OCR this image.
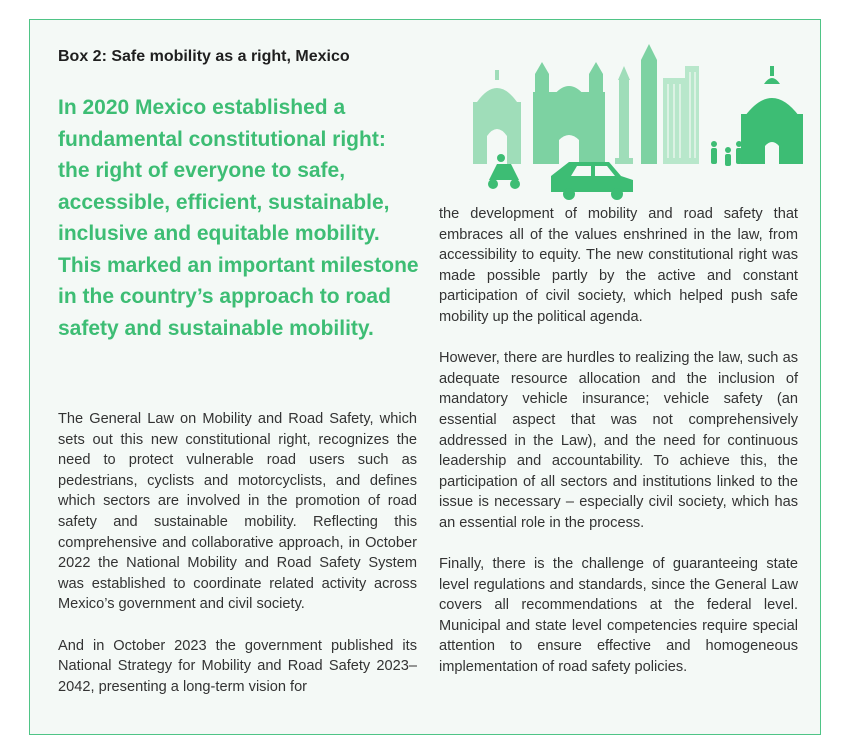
Box 2: Safe mobility as a right, Mexico
In 2020 Mexico established a fundamental constitutional right: the right of everyone to safe, accessible, efficient, sustainable, inclusive and equitable mobility. This marked an important milestone in the country’s approach to road safety and sustainable mobility.

The General Law on Mobility and Road Safety, which sets out this new constitutional right, recognizes the need to protect vulnerable road users such as pedestrians, cyclists and motorcyclists, and defines which sectors are involved in the promotion of road safety and sustainable mobility. Reflecting this comprehensive and collaborative approach, in October 2022 the National Mobility and Road Safety System was established to coordinate related activity across Mexico’s government and civil society.

And in October 2023 the government published its National Strategy for Mobility and Road Safety 2023–2042, presenting a long-term vision for

the development of mobility and road safety that embraces all of the values enshrined in the law, from accessibility to equity. The new constitutional right was made possible partly by the active and constant participation of civil society, which helped push safe mobility up the political agenda.

However, there are hurdles to realizing the law, such as adequate resource allocation and the inclusion of mandatory vehicle insurance; vehicle safety (an essential aspect that was not comprehensively addressed in the Law), and the need for continuous leadership and accountability. To achieve this, the participation of all sectors and institutions linked to the issue is necessary – especially civil society, which has an essential role in the process.

Finally, there is the challenge of guaranteeing state level regulations and standards, since the General Law covers all recommendations at the federal level. Municipal and state level competencies require special attention to ensure effective and homogeneous implementation of road safety policies.
